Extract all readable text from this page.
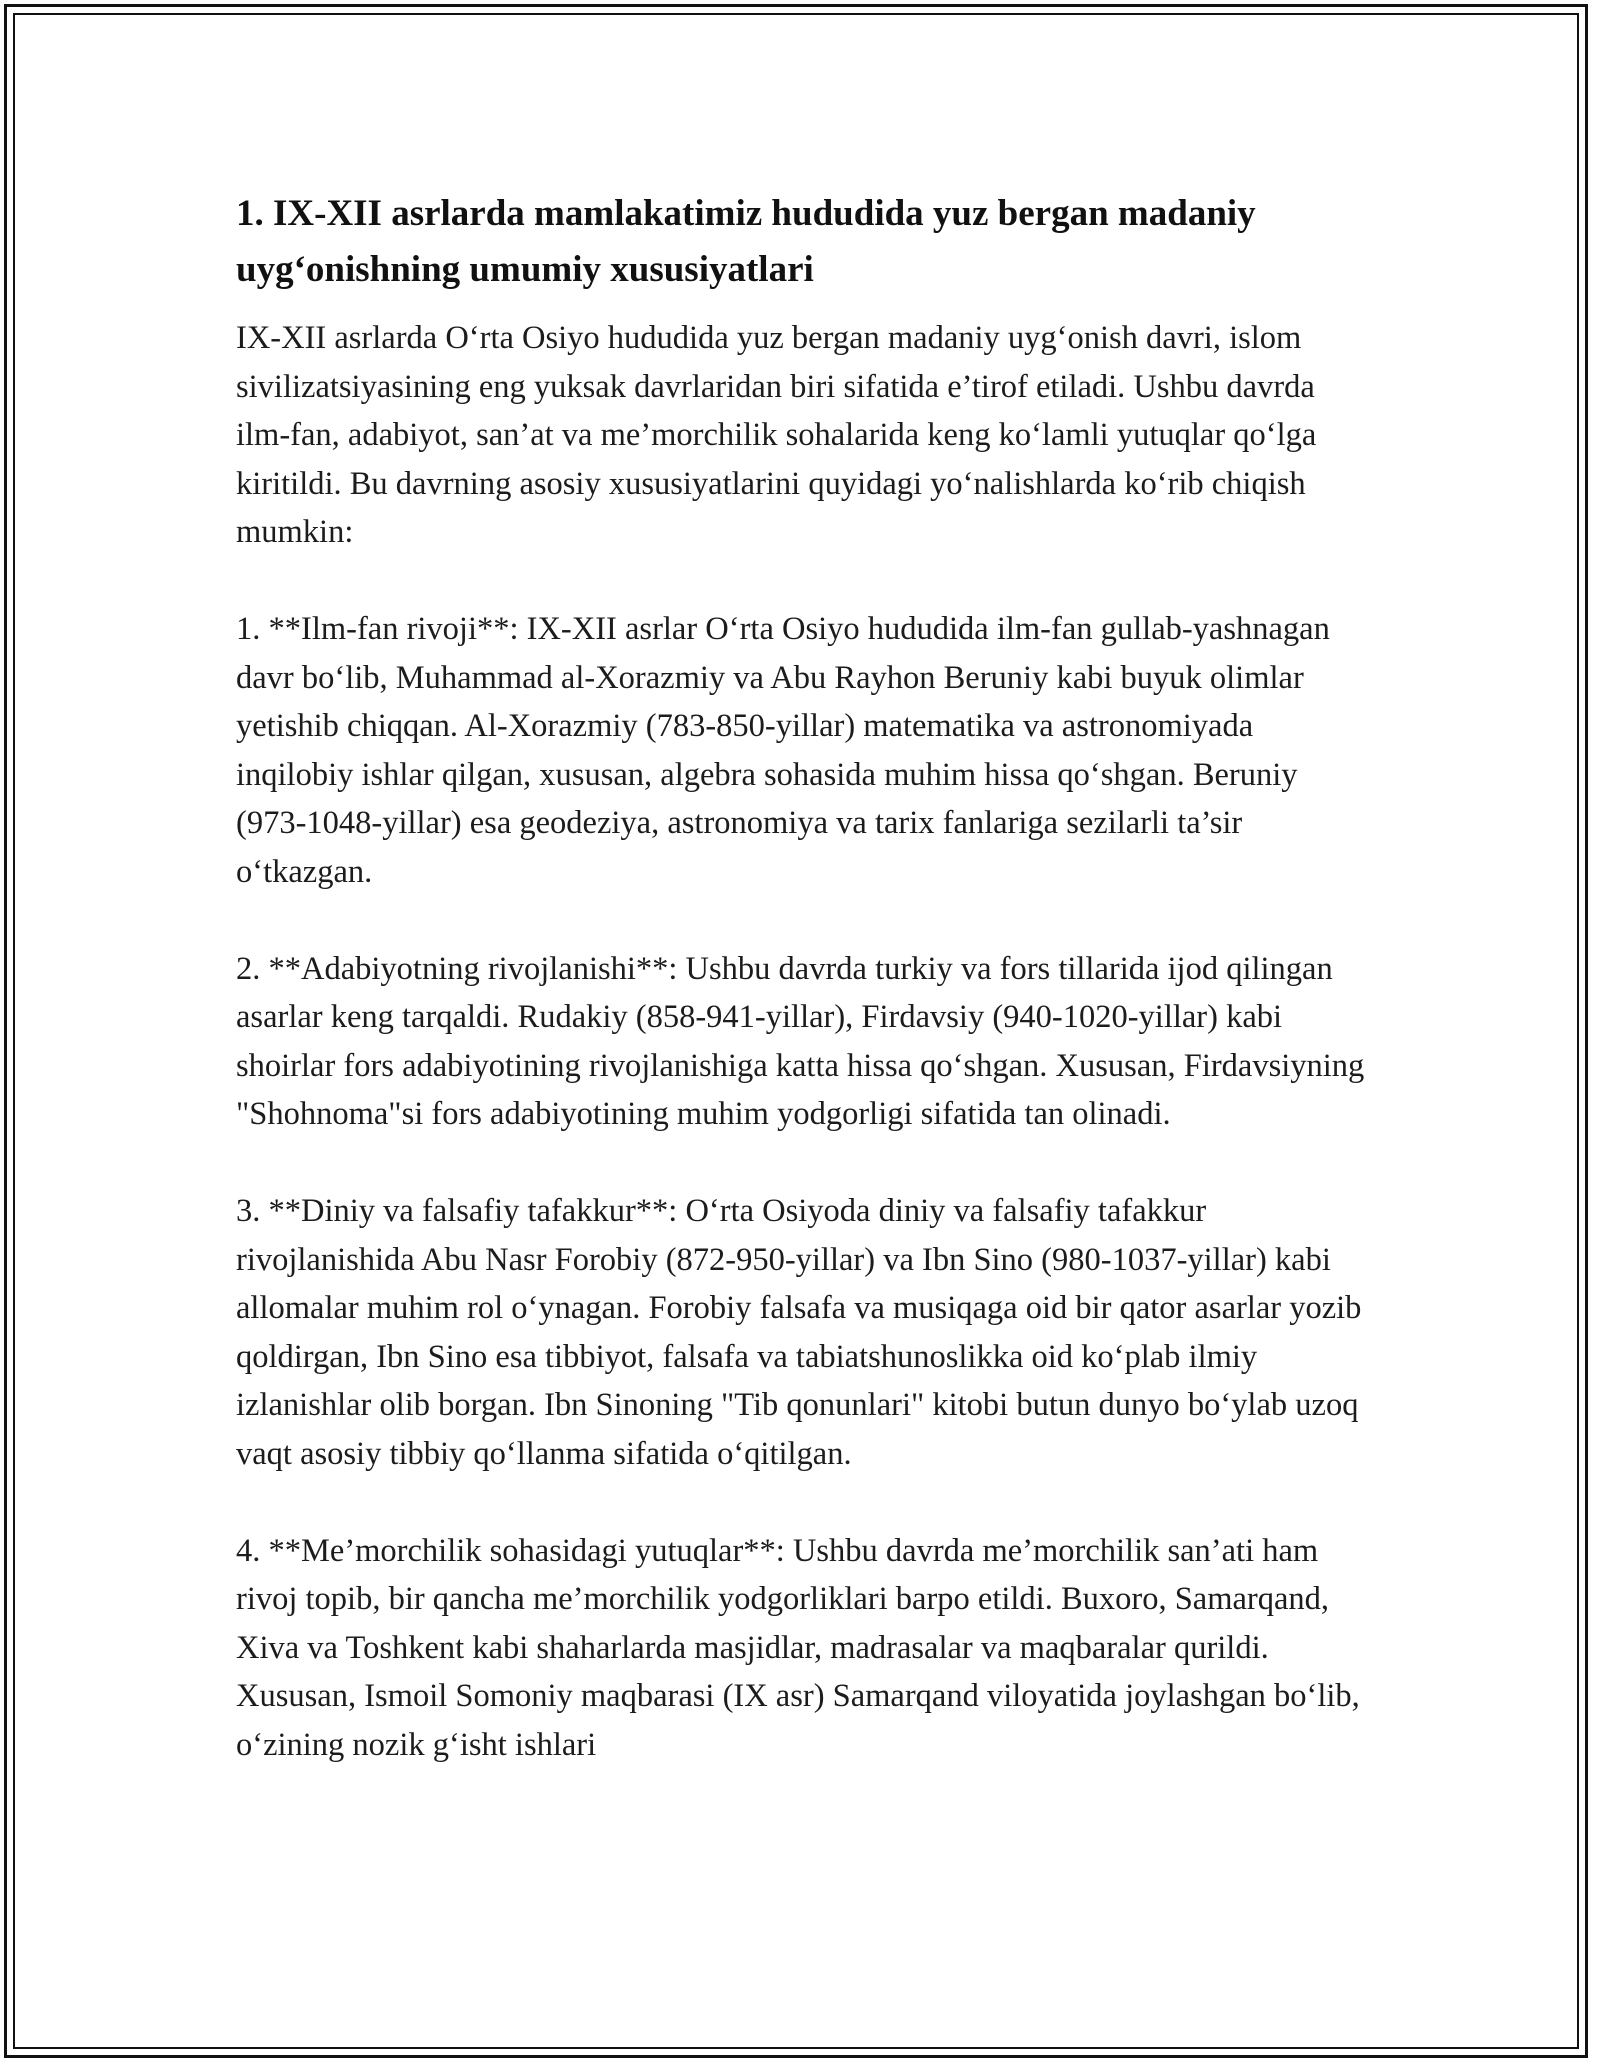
1. IX-XII asrlarda mamlakatimiz hududida yuz bergan madaniy uyg‘onishning umumiy xususiyatlari

IX-XII asrlarda O‘rta Osiyo hududida yuz bergan madaniy uyg‘onish davri, islom sivilizatsiyasining eng yuksak davrlaridan biri sifatida e’tirof etiladi. Ushbu davrda ilm-fan, adabiyot, san’at va me’morchilik sohalarida keng ko‘lamli yutuqlar qo‘lga kiritildi. Bu davrning asosiy xususiyatlarini quyidagi yo‘nalishlarda ko‘rib chiqish mumkin:

1. **Ilm-fan rivoji**: IX-XII asrlar O‘rta Osiyo hududida ilm-fan gullab-yashnagan davr bo‘lib, Muhammad al-Xorazmiy va Abu Rayhon Beruniy kabi buyuk olimlar yetishib chiqqan. Al-Xorazmiy (783-850-yillar) matematika va astronomiyada inqilobiy ishlar qilgan, xususan, algebra sohasida muhim hissa qo‘shgan. Beruniy (973-1048-yillar) esa geodeziya, astronomiya va tarix fanlariga sezilarli ta’sir o‘tkazgan.

2. **Adabiyotning rivojlanishi**: Ushbu davrda turkiy va fors tillarida ijod qilingan asarlar keng tarqaldi. Rudakiy (858-941-yillar), Firdavsiy (940-1020-yillar) kabi shoirlar fors adabiyotining rivojlanishiga katta hissa qo‘shgan. Xususan, Firdavsiyning "Shohnoma"si fors adabiyotining muhim yodgorligi sifatida tan olinadi.

3. **Diniy va falsafiy tafakkur**: O‘rta Osiyoda diniy va falsafiy tafakkur rivojlanishida Abu Nasr Forobiy (872-950-yillar) va Ibn Sino (980-1037-yillar) kabi allomalar muhim rol o‘ynagan. Forobiy falsafa va musiqaga oid bir qator asarlar yozib qoldirgan, Ibn Sino esa tibbiyot, falsafa va tabiatshunoslikka oid ko‘plab ilmiy izlanishlar olib borgan. Ibn Sinoning "Tib qonunlari" kitobi butun dunyo bo‘ylab uzoq vaqt asosiy tibbiy qo‘llanma sifatida o‘qitilgan.

4. **Me’morchilik sohasidagi yutuqlar**: Ushbu davrda me’morchilik san’ati ham rivoj topib, bir qancha me’morchilik yodgorliklari barpo etildi. Buxoro, Samarqand, Xiva va Toshkent kabi shaharlarda masjidlar, madrasalar va maqbaralar qurildi. Xususan, Ismoil Somoniy maqbarasi (IX asr) Samarqand viloyatida joylashgan bo‘lib, o‘zining nozik g‘isht ishlari
